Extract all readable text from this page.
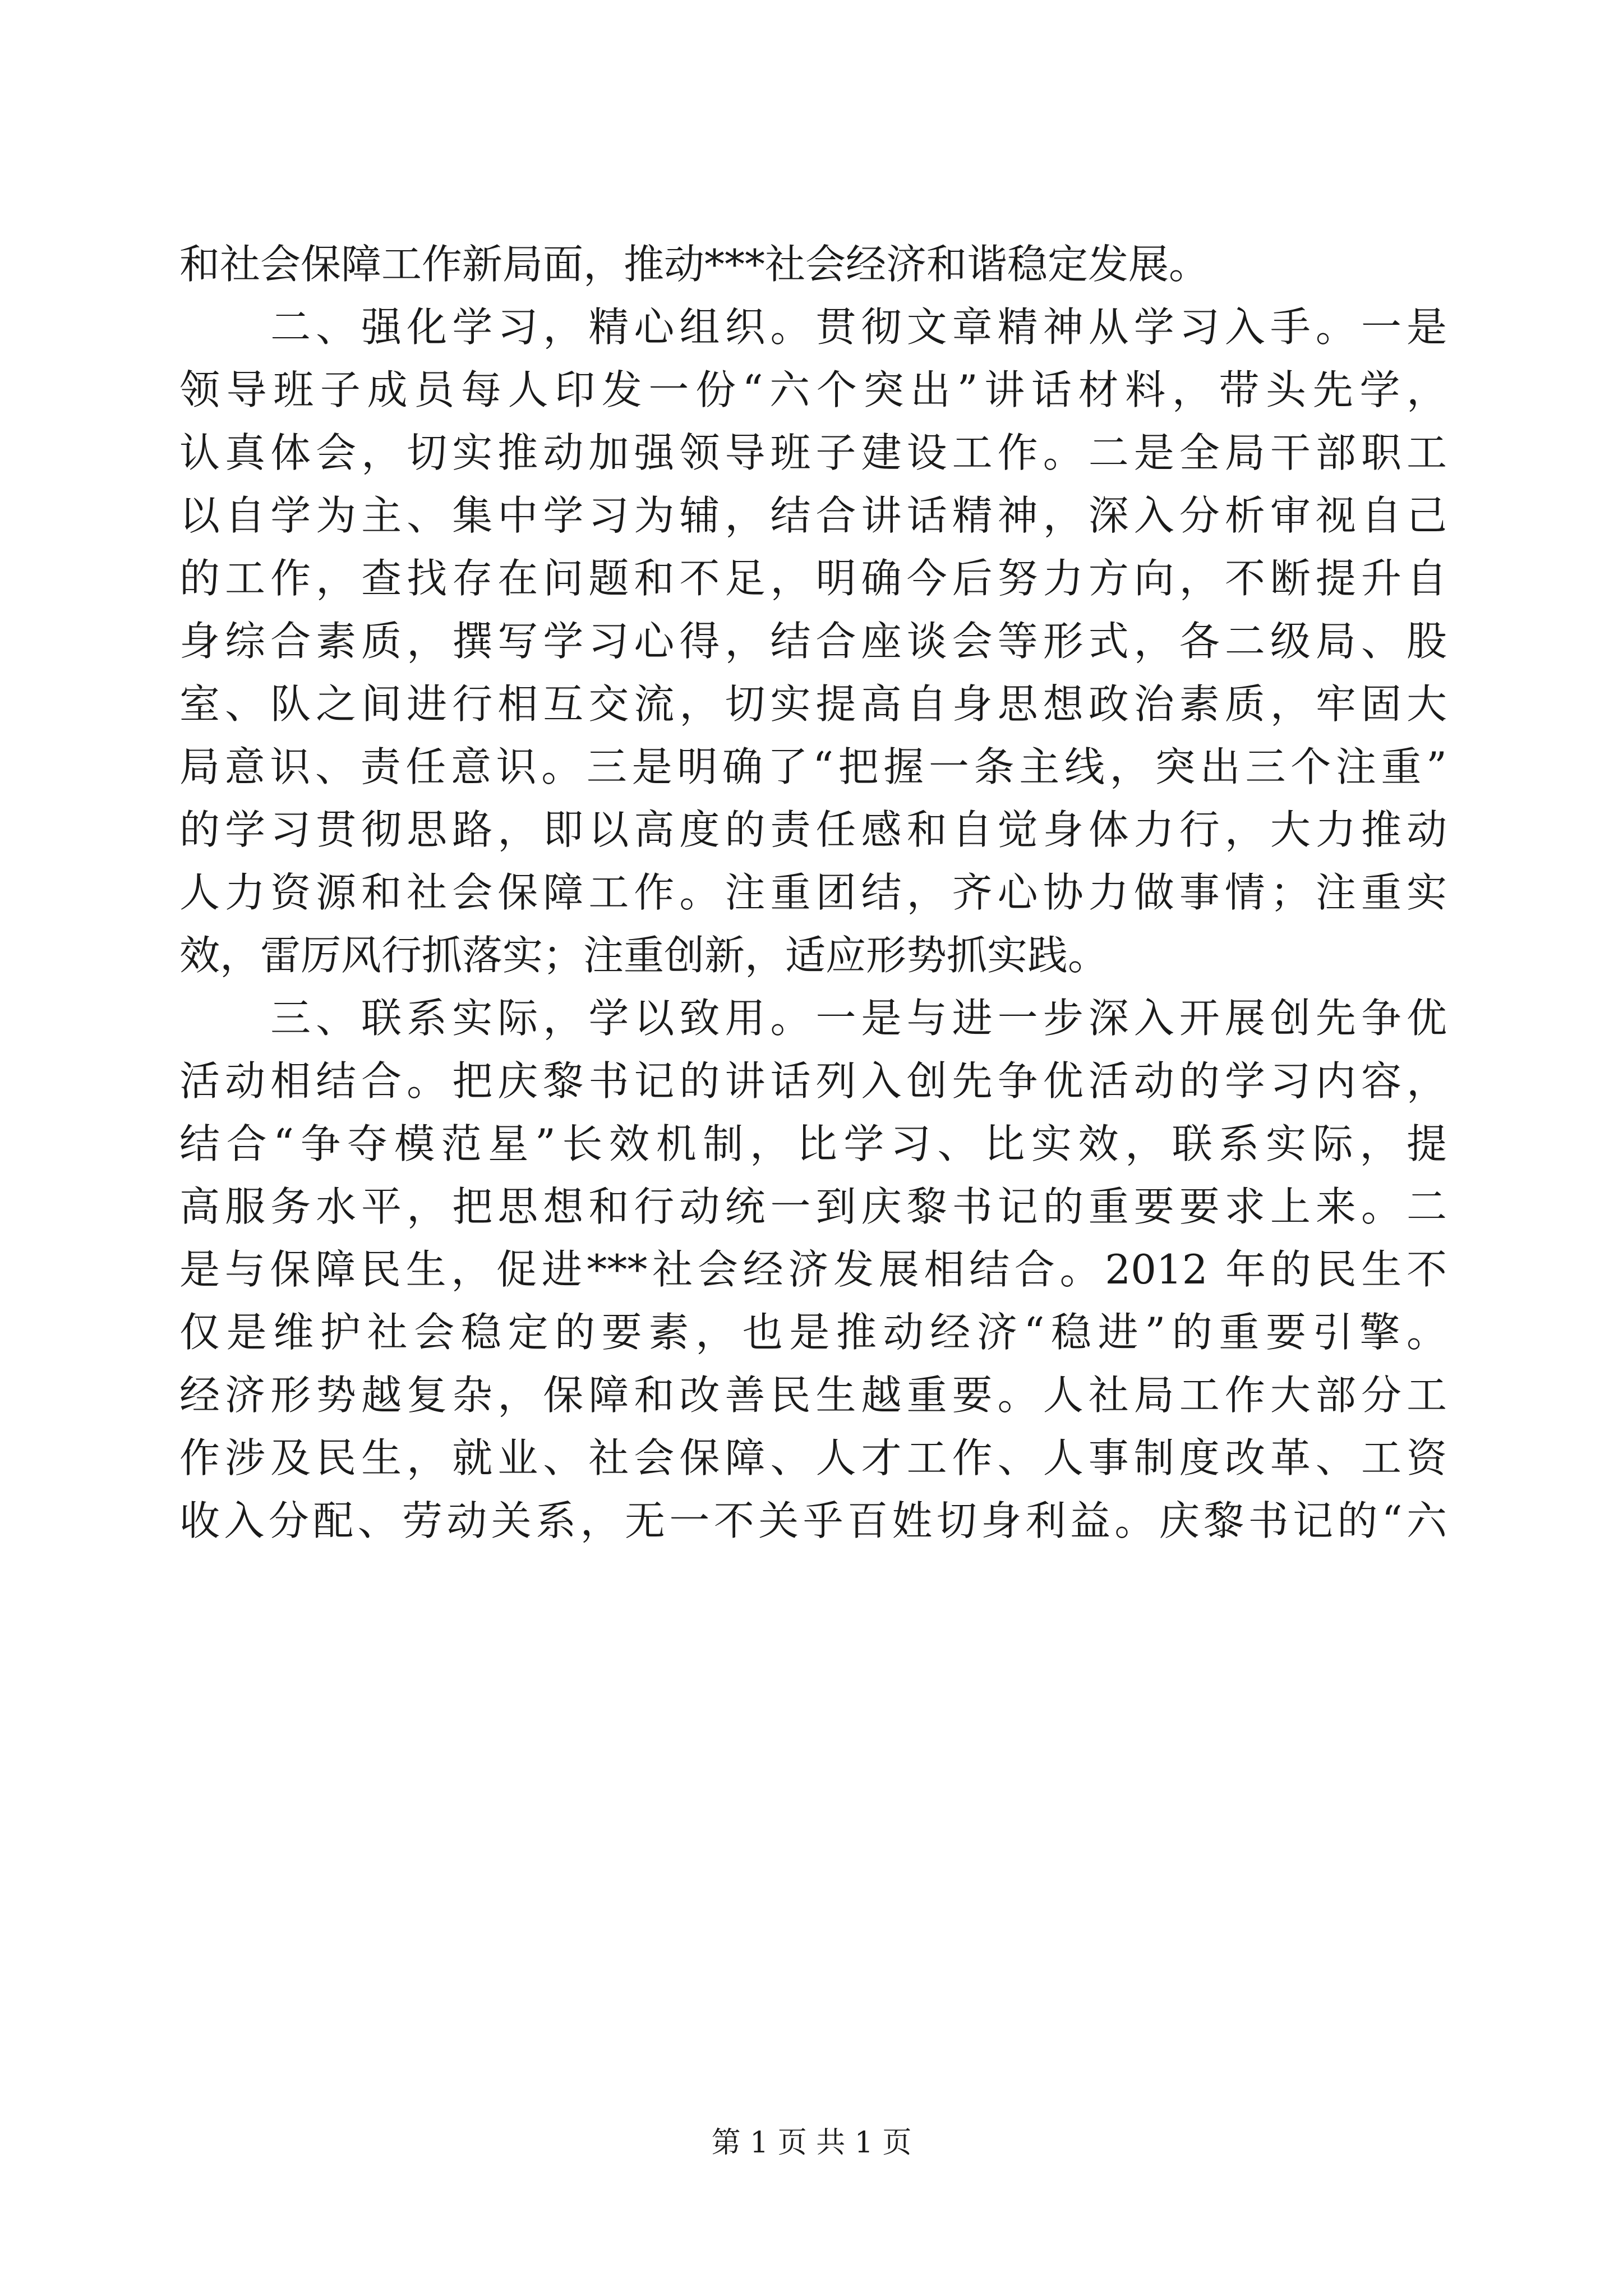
和社会保障工作新局面，推动***社会经济和谐稳定发展。
　　二、强化学习，精心组织。贯彻文章精神从学习入手。一是
领导班子成员每人印发一份“六个突出”讲话材料，带头先学，
认真体会，切实推动加强领导班子建设工作。二是全局干部职工
以自学为主、集中学习为辅，结合讲话精神，深入分析审视自己
的工作，查找存在问题和不足，明确今后努力方向，不断提升自
身综合素质，撰写学习心得，结合座谈会等形式，各二级局、股
室、队之间进行相互交流，切实提高自身思想政治素质，牢固大
局意识、责任意识。三是明确了“把握一条主线，突出三个注重”
的学习贯彻思路，即以高度的责任感和自觉身体力行，大力推动
人力资源和社会保障工作。注重团结，齐心协力做事情；注重实
效，雷厉风行抓落实；注重创新，适应形势抓实践。
　　三、联系实际，学以致用。一是与进一步深入开展创先争优
活动相结合。把庆黎书记的讲话列入创先争优活动的学习内容，
结合“争夺模范星”长效机制，比学习、比实效，联系实际，提
高服务水平，把思想和行动统一到庆黎书记的重要要求上来。二
是与保障民生，促进***社会经济发展相结合。2012 年的民生不
仅是维护社会稳定的要素，也是推动经济“稳进”的重要引擎。
经济形势越复杂，保障和改善民生越重要。人社局工作大部分工
作涉及民生，就业、社会保障、人才工作、人事制度改革、工资
收入分配、劳动关系，无一不关乎百姓切身利益。庆黎书记的“六
第 1 页 共 1 页
